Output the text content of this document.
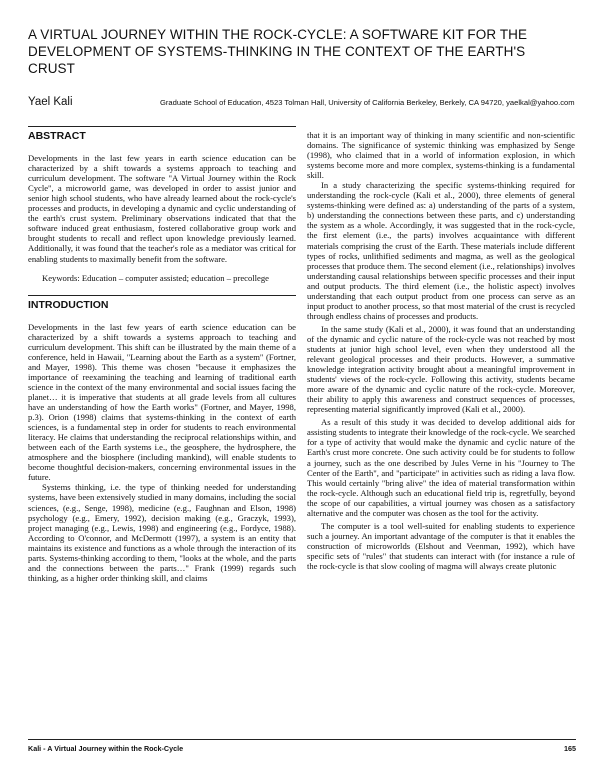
A VIRTUAL JOURNEY WITHIN THE ROCK-CYCLE: A SOFTWARE KIT FOR THE DEVELOPMENT OF SYSTEMS-THINKING IN THE CONTEXT OF THE EARTH'S CRUST
Yael Kali	Graduate School of Education, 4523 Tolman Hall, University of California Berkeley, Berkely, CA 94720, yaelkal@yahoo.com
ABSTRACT

Developments in the last few years in earth science education can be characterized by a shift towards a systems approach to teaching and curriculum development. The software "A Virtual Journey within the Rock Cycle", a microworld game, was developed in order to assist junior and senior high school students, who have already learned about the rock-cycle's processes and products, in developing a dynamic and cyclic understanding of the earth's crust system. Preliminary observations indicated that that the software induced great enthusiasm, fostered collaborative group work and brought students to recall and reflect upon knowledge previously learned. Additionally, it was found that the teacher's role as a mediator was critical for enabling students to maximally benefit from the software.

Keywords: Education – computer assisted; education – precollege

INTRODUCTION

Developments in the last few years of earth science education can be characterized by a shift towards a systems approach to teaching and curriculum development. This shift can be illustrated by the main theme of a conference, held in Hawaii, "Learning about the Earth as a system" (Fortner, and Mayer, 1998). This theme was chosen "because it emphasizes the importance of reexamining the teaching and learning of traditional earth science in the context of the many environmental and social issues facing the planet… it is imperative that students at all grade levels from all cultures have an understanding of how the Earth works" (Fortner, and Mayer, 1998, p.3). Orion (1998) claims that systems-thinking in the context of earth sciences, is a fundamental step in order for students to reach environmental literacy. He claims that understanding the reciprocal relationships within, and between each of the Earth systems i.e., the geosphere, the hydrosphere, the atmosphere and the biosphere (including mankind), will enable students to become thoughtful decision-makers, concerning environmental issues in the future.

Systems thinking, i.e. the type of thinking needed for understanding systems, have been extensively studied in many domains, including the social sciences, (e.g., Senge, 1998), medicine (e.g., Faughnan and Elson, 1998) psychology (e.g., Emery, 1992), decision making (e.g., Graczyk, 1993), project managing (e.g., Lewis, 1998) and engineering (e.g., Fordyce, 1988). According to O'connor, and McDermott (1997), a system is an entity that maintains its existence and functions as a whole through the interaction of its parts. Systems-thinking according to them, "looks at the whole, and the parts and the connections between the parts…" Frank (1999) regards such thinking, as a higher order thinking skill, and claims

that it is an important way of thinking in many scientific and non-scientific domains. The significance of systemic thinking was emphasized by Senge (1998), who claimed that in a world of information explosion, in which systems become more and more complex, systems-thinking is a fundamental skill.

In a study characterizing the specific systems-thinking required for understanding the rock-cycle (Kali et al., 2000), three elements of general systems-thinking were defined as: a) understanding of the parts of a system, b) understanding the connections between these parts, and c) understanding the system as a whole. Accordingly, it was suggested that in the rock-cycle, the first element (i.e., the parts) involves acquaintance with different materials comprising the crust of the Earth. These materials include different types of rocks, unlithified sediments and magma, as well as the geological processes that produce them. The second element (i.e., relationships) involves understanding causal relationships between specific processes and their input and output products. The third element (i.e., the holistic aspect) involves understanding that each output product from one process can serve as an input product to another process, so that most material of the crust is recycled through endless chains of processes and products.

In the same study (Kali et al., 2000), it was found that an understanding of the dynamic and cyclic nature of the rock-cycle was not reached by most students at junior high school level, even when they understood all the relevant geological processes and their products. However, a summative knowledge integration activity brought about a meaningful improvement in students' views of the rock-cycle. Following this activity, students became more aware of the dynamic and cyclic nature of the rock-cycle. Moreover, their ability to apply this awareness and construct sequences of processes, representing material significantly improved (Kali et al., 2000).

As a result of this study it was decided to develop additional aids for assisting students to integrate their knowledge of the rock-cycle. We searched for a type of activity that would make the dynamic and cyclic nature of the Earth's crust more concrete. One such activity could be for students to follow a journey, such as the one described by Jules Verne in his "Journey to The Center of the Earth", and "participate" in activities such as riding a lava flow. This would certainly "bring alive" the idea of material transformation within the rock-cycle. Although such an educational field trip is, regretfully, beyond the scope of our capabilities, a virtual journey was chosen as a satisfactory alternative and the computer was chosen as the tool for the activity.

The computer is a tool well-suited for enabling students to experience such a journey. An important advantage of the computer is that it enables the construction of microworlds (Elshout and Veenman, 1992), which have specific sets of "rules" that students can interact with (for instance a rule of the rock-cycle is that slow cooling of magma will always create plutonic

Kali - A Virtual Journey within the Rock-Cycle	165
